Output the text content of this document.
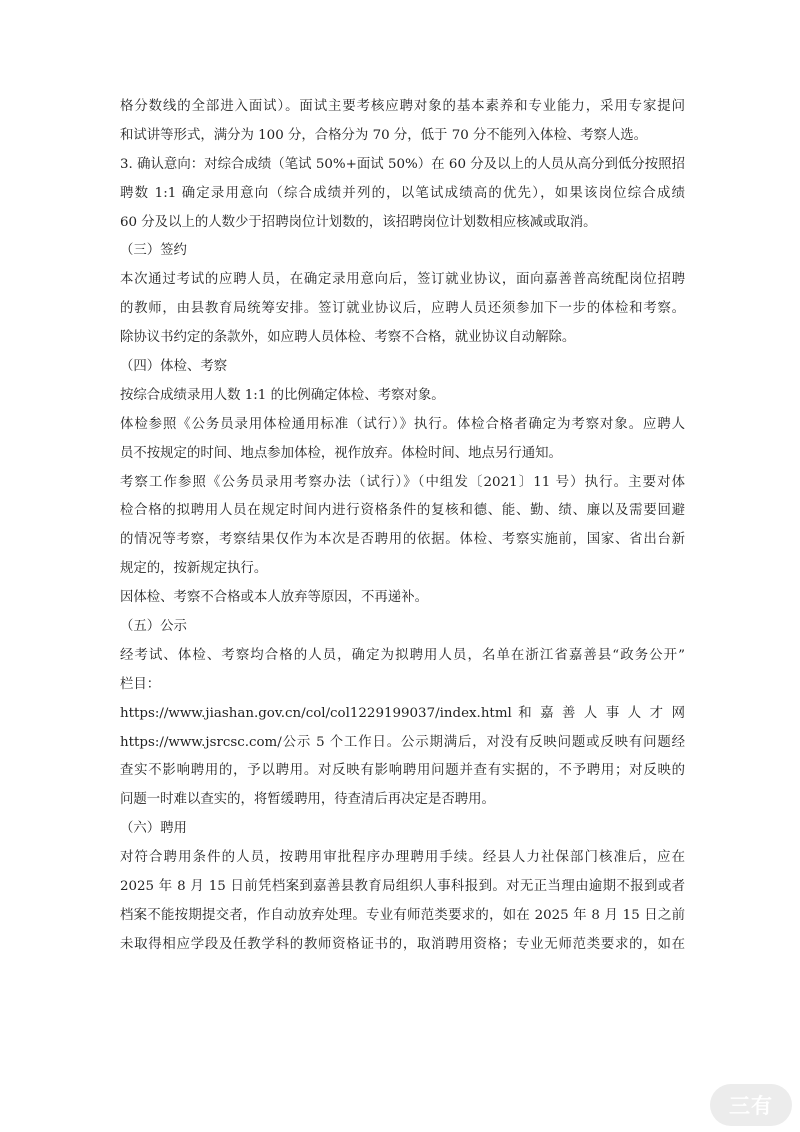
格分数线的全部进入面试）。面试主要考核应聘对象的基本素养和专业能力，采用专家提问
和试讲等形式，满分为 100 分，合格分为 70 分，低于 70 分不能列入体检、考察人选。
3. 确认意向：对综合成绩（笔试 50%+面试 50%）在 60 分及以上的人员从高分到低分按照招
聘数 1:1 确定录用意向（综合成绩并列的，以笔试成绩高的优先），如果该岗位综合成绩
60 分及以上的人数少于招聘岗位计划数的，该招聘岗位计划数相应核减或取消。
（三）签约
本次通过考试的应聘人员，在确定录用意向后，签订就业协议，面向嘉善普高统配岗位招聘
的教师，由县教育局统筹安排。签订就业协议后，应聘人员还须参加下一步的体检和考察。
除协议书约定的条款外，如应聘人员体检、考察不合格，就业协议自动解除。
（四）体检、考察
按综合成绩录用人数 1:1 的比例确定体检、考察对象。
体检参照《公务员录用体检通用标准（试行）》执行。体检合格者确定为考察对象。应聘人
员不按规定的时间、地点参加体检，视作放弃。体检时间、地点另行通知。
考察工作参照《公务员录用考察办法（试行）》（中组发〔2021〕11 号）执行。主要对体
检合格的拟聘用人员在规定时间内进行资格条件的复核和德、能、勤、绩、廉以及需要回避
的情况等考察，考察结果仅作为本次是否聘用的依据。体检、考察实施前，国家、省出台新
规定的，按新规定执行。
因体检、考察不合格或本人放弃等原因，不再递补。
（五）公示
经考试、体检、考察均合格的人员，确定为拟聘用人员，名单在浙江省嘉善县“政务公开”
栏目：
https://www.jiashan.gov.cn/col/col1229199037/index.html 和 嘉 善 人 事 人 才 网
https://www.jsrcsc.com/公示 5 个工作日。公示期满后，对没有反映问题或反映有问题经
查实不影响聘用的，予以聘用。对反映有影响聘用问题并查有实据的，不予聘用；对反映的
问题一时难以查实的，将暂缓聘用，待查清后再决定是否聘用。
（六）聘用
对符合聘用条件的人员，按聘用审批程序办理聘用手续。经县人力社保部门核准后，应在
2025 年 8 月 15 日前凭档案到嘉善县教育局组织人事科报到。对无正当理由逾期不报到或者
档案不能按期提交者，作自动放弃处理。专业有师范类要求的，如在 2025 年 8 月 15 日之前
未取得相应学段及任教学科的教师资格证书的，取消聘用资格；专业无师范类要求的，如在
三有
